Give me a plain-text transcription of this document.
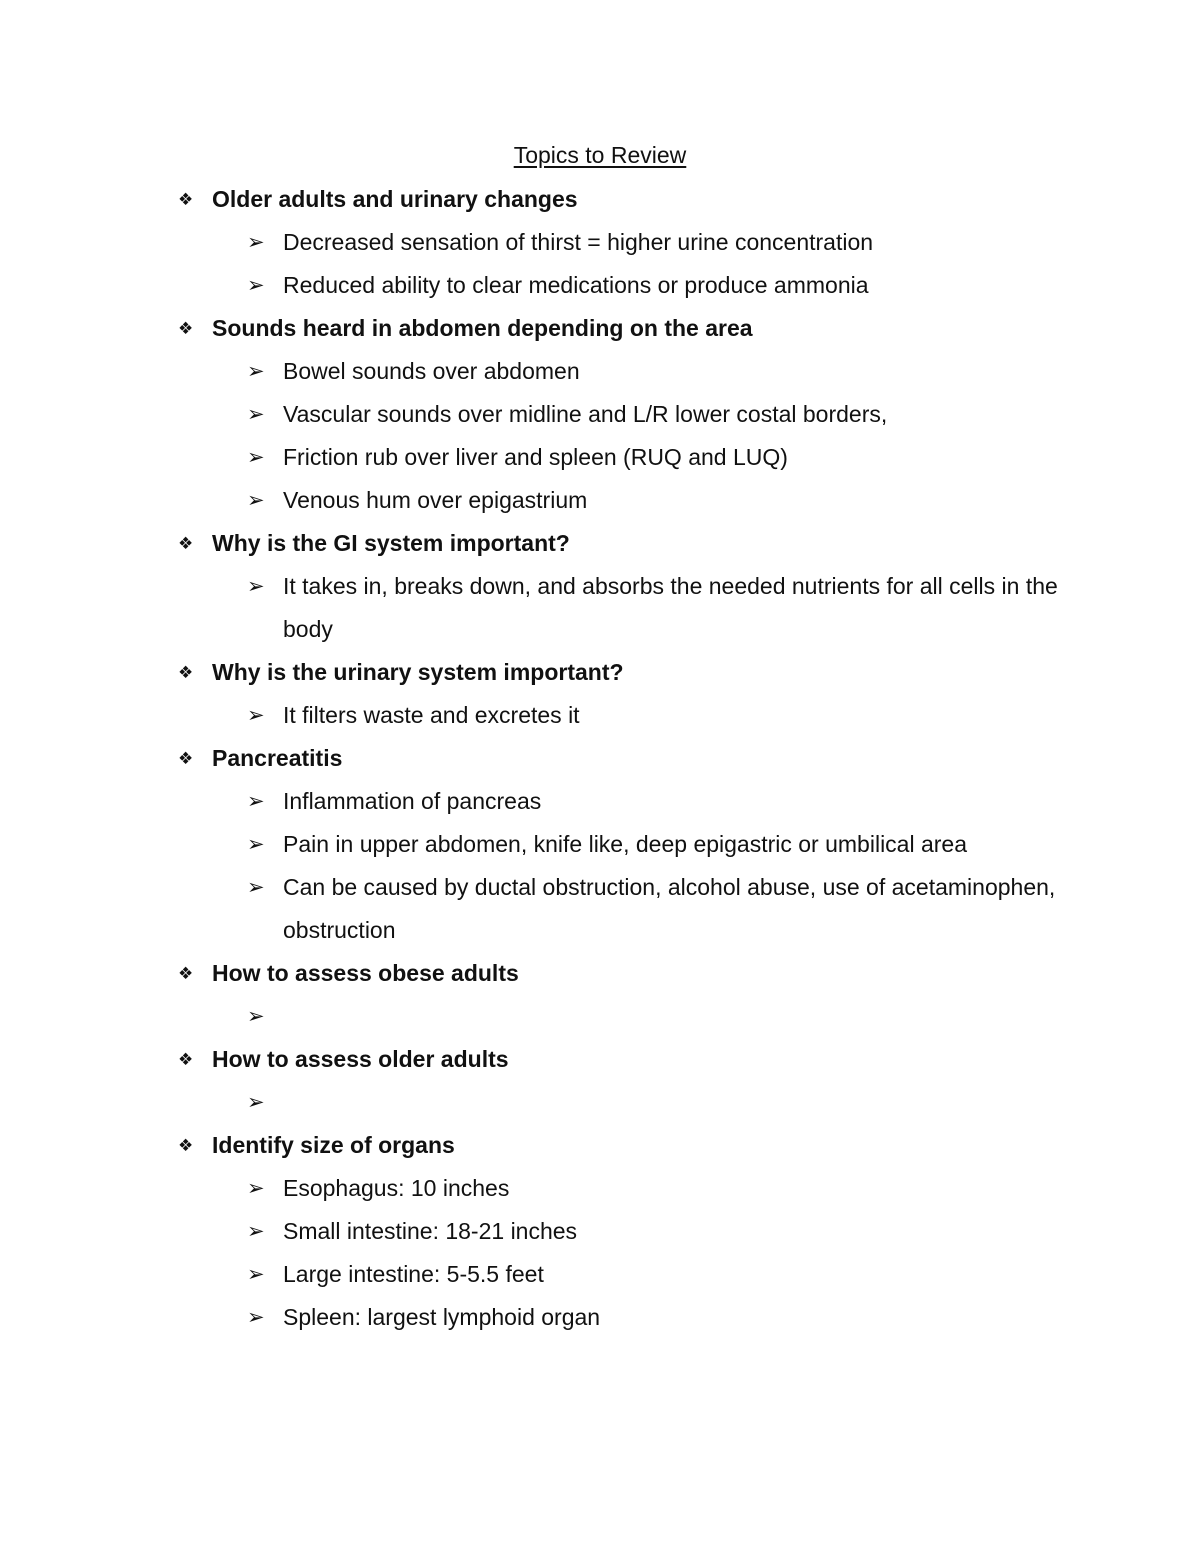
Topics to Review
❖ Older adults and urinary changes
➢ Decreased sensation of thirst = higher urine concentration
➢ Reduced ability to clear medications or produce ammonia
❖ Sounds heard in abdomen depending on the area
➢ Bowel sounds over abdomen
➢ Vascular sounds over midline and L/R lower costal borders,
➢ Friction rub over liver and spleen (RUQ and LUQ)
➢ Venous hum over epigastrium
❖ Why is the GI system important?
➢ It takes in, breaks down, and absorbs the needed nutrients for all cells in the body
❖ Why is the urinary system important?
➢ It filters waste and excretes it
❖ Pancreatitis
➢ Inflammation of pancreas
➢ Pain in upper abdomen, knife like, deep epigastric or umbilical area
➢ Can be caused by ductal obstruction, alcohol abuse, use of acetaminophen, obstruction
❖ How to assess obese adults
➢
❖ How to assess older adults
➢
❖ Identify size of organs
➢ Esophagus: 10 inches
➢ Small intestine: 18-21 inches
➢ Large intestine: 5-5.5 feet
➢ Spleen: largest lymphoid organ
